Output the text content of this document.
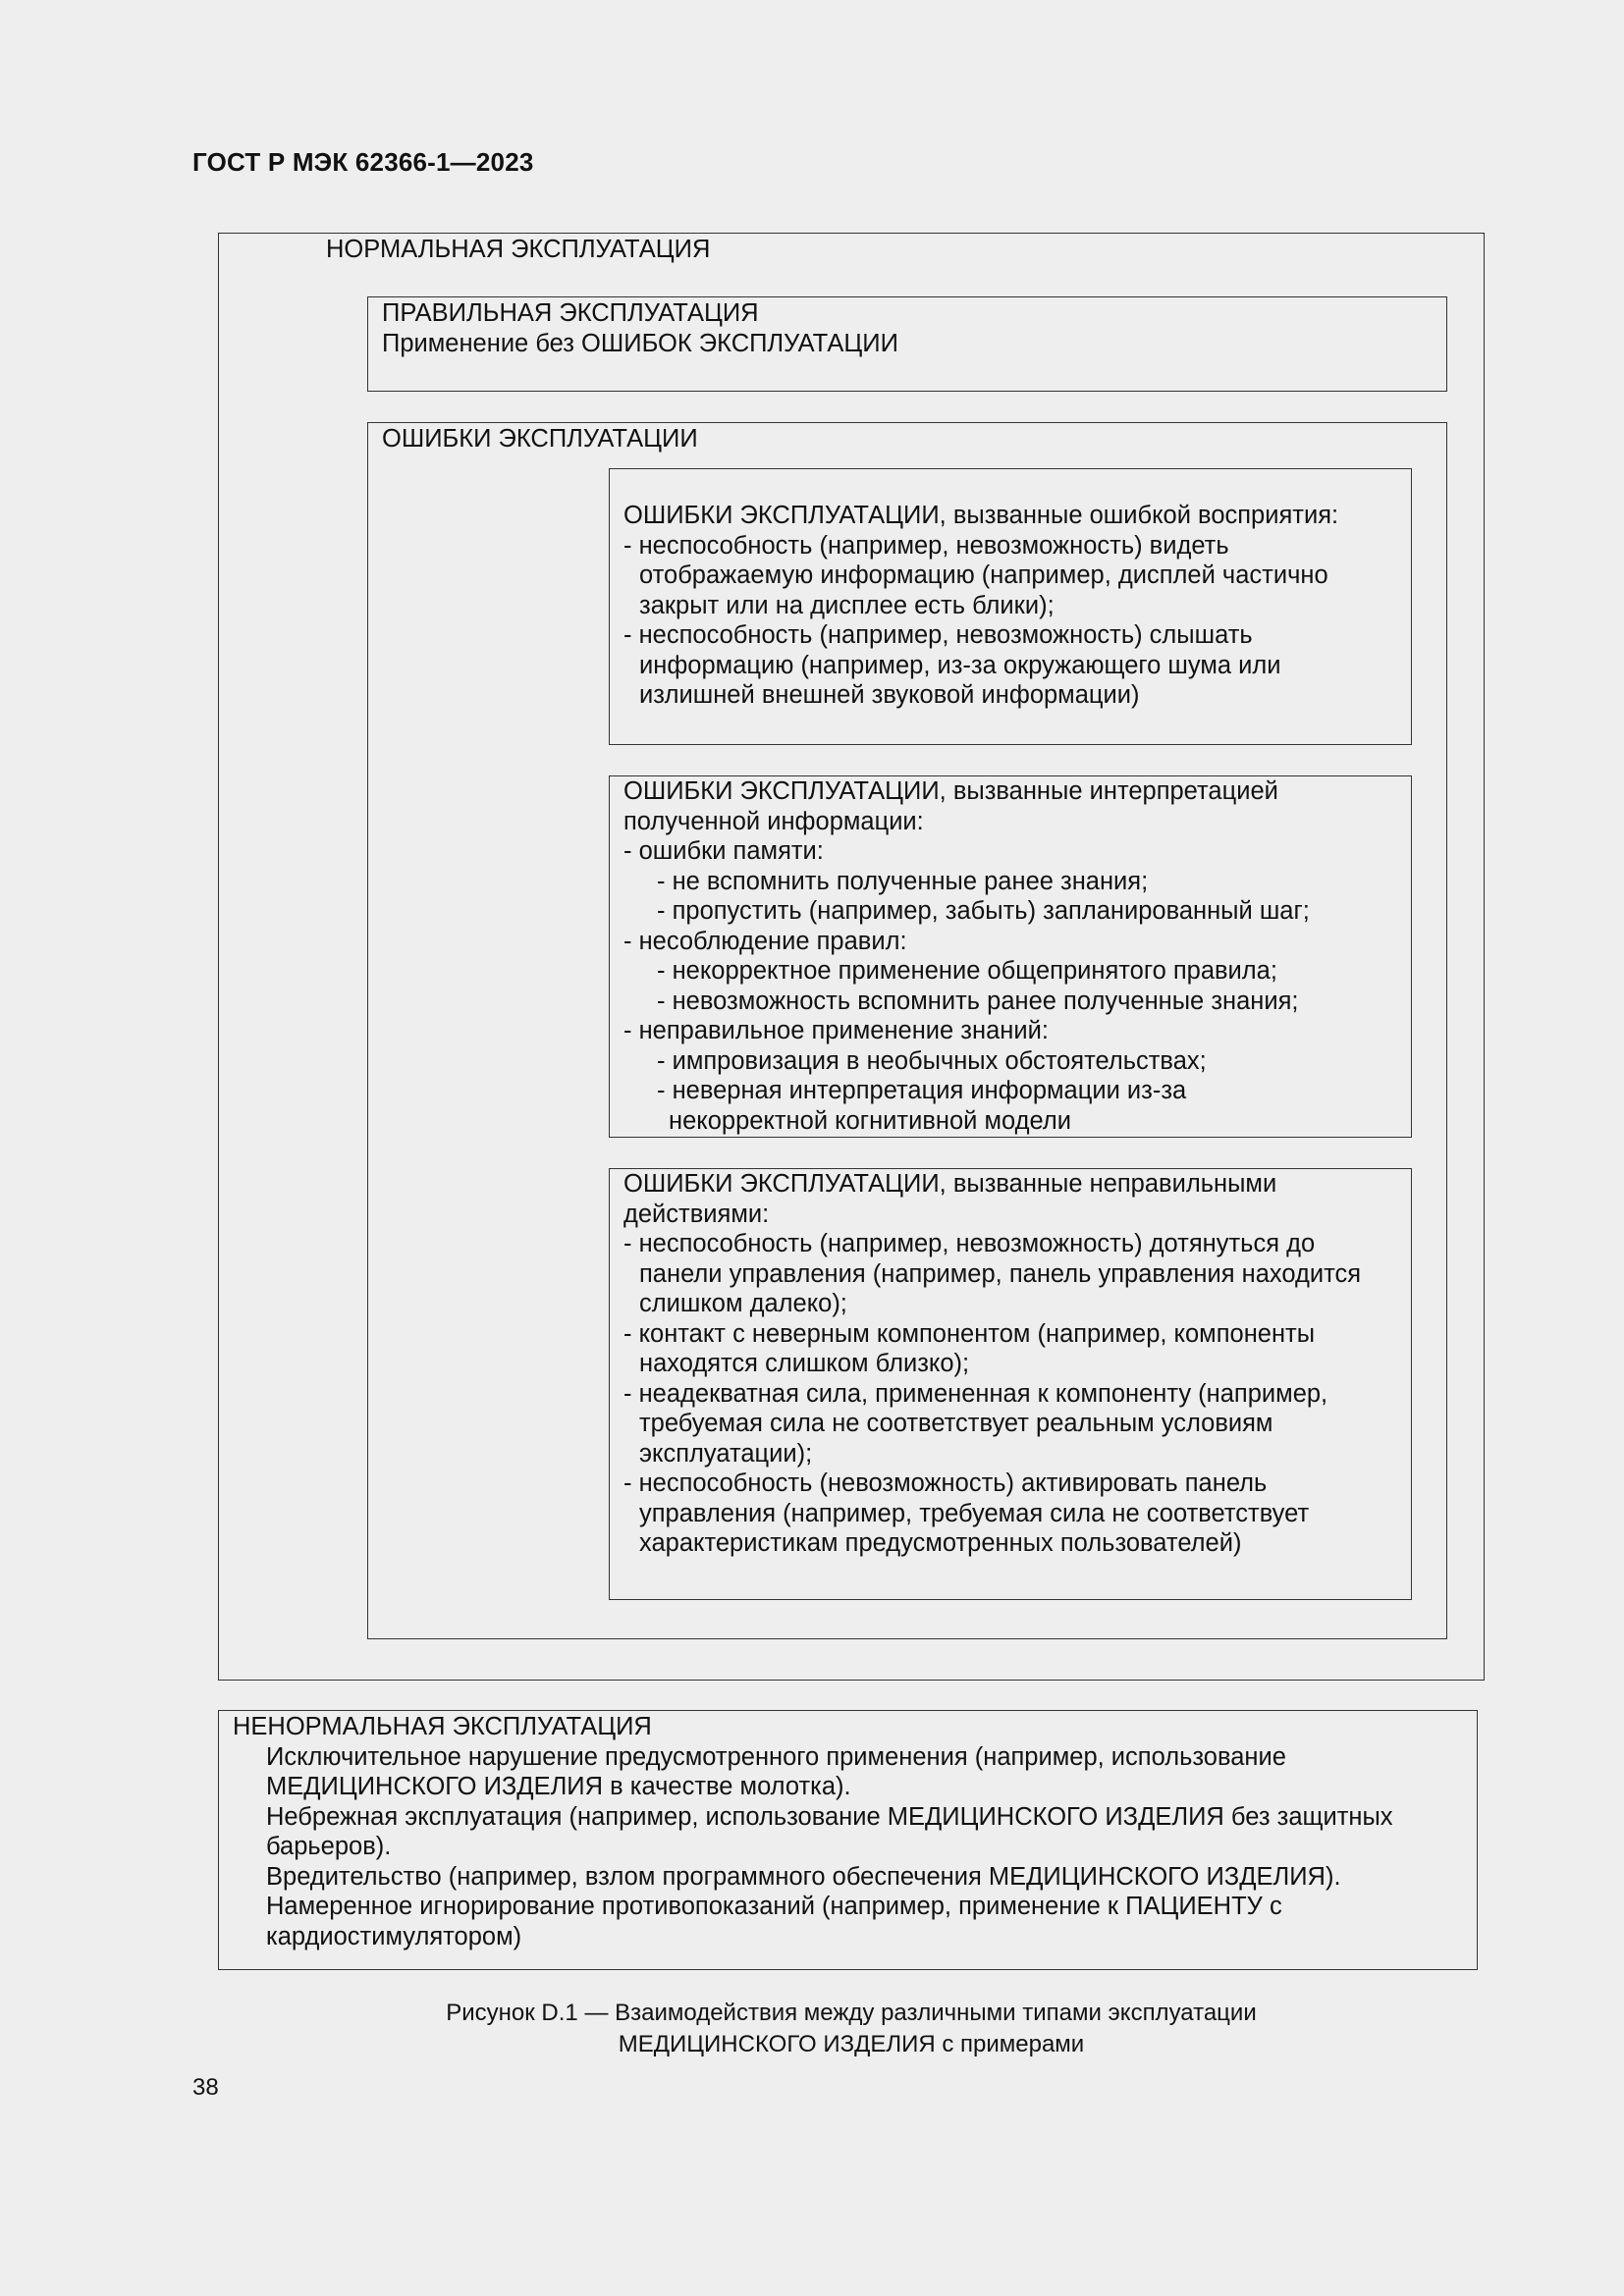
ГОСТ Р МЭК 62366-1—2023
НОРМАЛЬНАЯ ЭКСПЛУАТАЦИЯ
ПРАВИЛЬНАЯ ЭКСПЛУАТАЦИЯ
Применение без ОШИБОК ЭКСПЛУАТАЦИИ
ОШИБКИ ЭКСПЛУАТАЦИИ
ОШИБКИ ЭКСПЛУАТАЦИИ, вызванные ошибкой восприятия:
- неспособность (например, невозможность) видеть
отображаемую информацию (например, дисплей частично
закрыт или на дисплее есть блики);
- неспособность (например, невозможность) слышать
информацию (например, из-за окружающего шума или
излишней внешней звуковой информации)
ОШИБКИ ЭКСПЛУАТАЦИИ, вызванные интерпретацией
полученной информации:
- ошибки памяти:
- не вспомнить полученные ранее знания;
- пропустить (например, забыть) запланированный шаг;
- несоблюдение правил:
- некорректное применение общепринятого правила;
- невозможность вспомнить ранее полученные знания;
- неправильное применение знаний:
- импровизация в необычных обстоятельствах;
- неверная интерпретация информации из-за
некорректной когнитивной модели
ОШИБКИ ЭКСПЛУАТАЦИИ, вызванные неправильными
действиями:
- неспособность (например, невозможность) дотянуться до
панели управления (например, панель управления находится
слишком далеко);
- контакт с неверным компонентом (например, компоненты
находятся слишком близко);
- неадекватная сила, примененная к компоненту (например,
требуемая сила не соответствует реальным условиям
эксплуатации);
- неспособность (невозможность) активировать панель
управления (например, требуемая сила не соответствует
характеристикам предусмотренных пользователей)
НЕНОРМАЛЬНАЯ ЭКСПЛУАТАЦИЯ
Исключительное нарушение предусмотренного применения (например, использование
МЕДИЦИНСКОГО ИЗДЕЛИЯ в качестве молотка).
Небрежная эксплуатация (например, использование МЕДИЦИНСКОГО ИЗДЕЛИЯ без защитных
барьеров).
Вредительство (например, взлом программного обеспечения МЕДИЦИНСКОГО ИЗДЕЛИЯ).
Намеренное игнорирование противопоказаний (например, применение к ПАЦИЕНТУ с
кардиостимулятором)
Рисунок D.1 — Взаимодействия между различными типами эксплуатации
МЕДИЦИНСКОГО ИЗДЕЛИЯ с примерами
38
